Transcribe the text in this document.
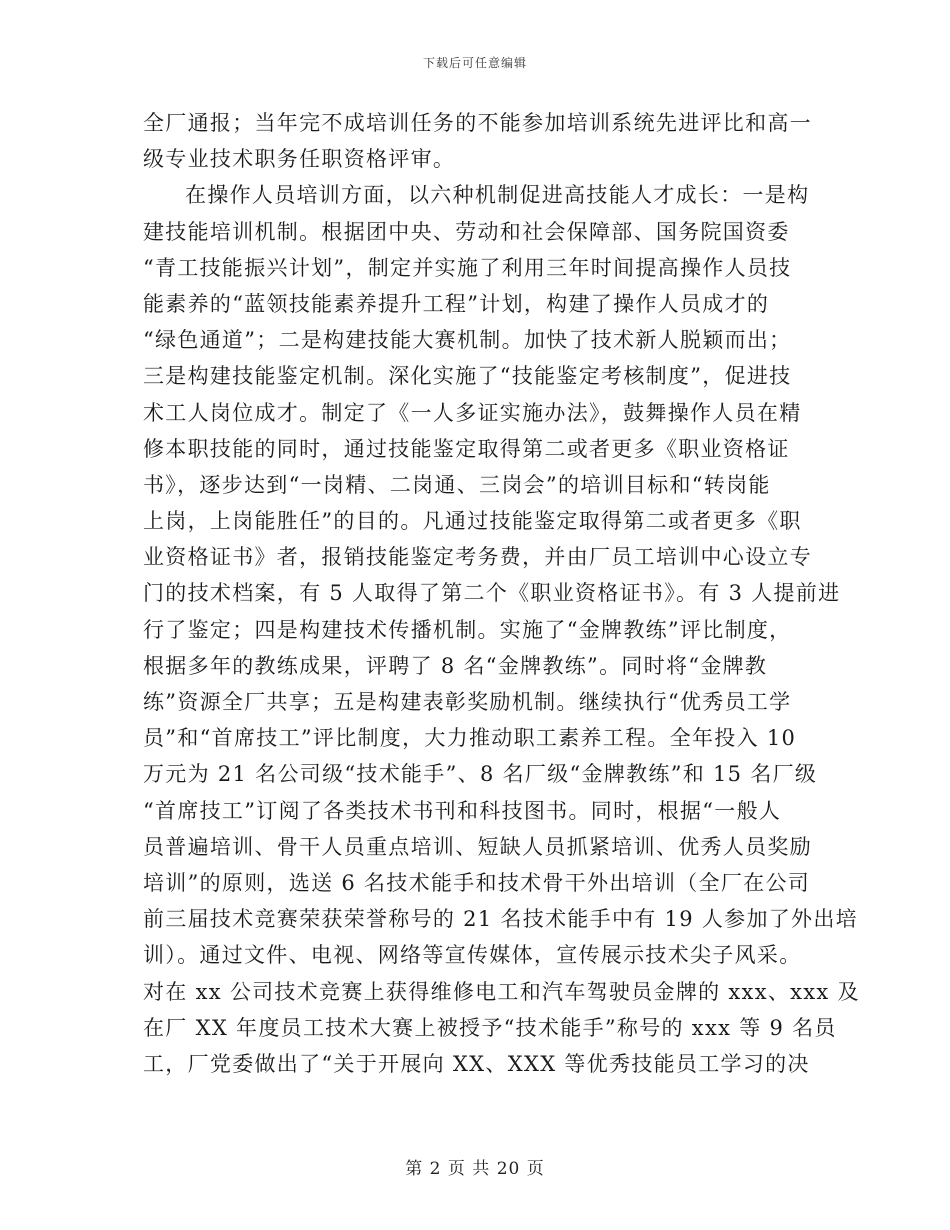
下载后可任意编辑
全厂通报；当年完不成培训任务的不能参加培训系统先进评比和高一
级专业技术职务任职资格评审。
在操作人员培训方面，以六种机制促进高技能人才成长：一是构
建技能培训机制。根据团中央、劳动和社会保障部、国务院国资委
“青工技能振兴计划”，制定并实施了利用三年时间提高操作人员技
能素养的“蓝领技能素养提升工程”计划，构建了操作人员成才的
“绿色通道”；二是构建技能大赛机制。加快了技术新人脱颖而出；
三是构建技能鉴定机制。深化实施了“技能鉴定考核制度”，促进技
术工人岗位成才。制定了《一人多证实施办法》，鼓舞操作人员在精
修本职技能的同时，通过技能鉴定取得第二或者更多《职业资格证
书》，逐步达到“一岗精、二岗通、三岗会”的培训目标和“转岗能
上岗，上岗能胜任”的目的。凡通过技能鉴定取得第二或者更多《职
业资格证书》者，报销技能鉴定考务费，并由厂员工培训中心设立专
门的技术档案，有 5 人取得了第二个《职业资格证书》。有 3 人提前进
行了鉴定；四是构建技术传播机制。实施了“金牌教练”评比制度，
根据多年的教练成果，评聘了 8 名“金牌教练”。同时将“金牌教
练”资源全厂共享；五是构建表彰奖励机制。继续执行“优秀员工学
员”和“首席技工”评比制度，大力推动职工素养工程。全年投入 10
万元为 21 名公司级“技术能手”、8 名厂级“金牌教练”和 15 名厂级
“首席技工”订阅了各类技术书刊和科技图书。同时，根据“一般人
员普遍培训、骨干人员重点培训、短缺人员抓紧培训、优秀人员奖励
培训”的原则，选送 6 名技术能手和技术骨干外出培训（全厂在公司
前三届技术竞赛荣获荣誉称号的 21 名技术能手中有 19 人参加了外出培
训）。通过文件、电视、网络等宣传媒体，宣传展示技术尖子风采。
对在 xx 公司技术竞赛上获得维修电工和汽车驾驶员金牌的 xxx、xxx 及
在厂 XX 年度员工技术大赛上被授予“技术能手”称号的 xxx 等 9 名员
工，厂党委做出了“关于开展向 XX、XXX 等优秀技能员工学习的决
第 2 页 共 20 页
